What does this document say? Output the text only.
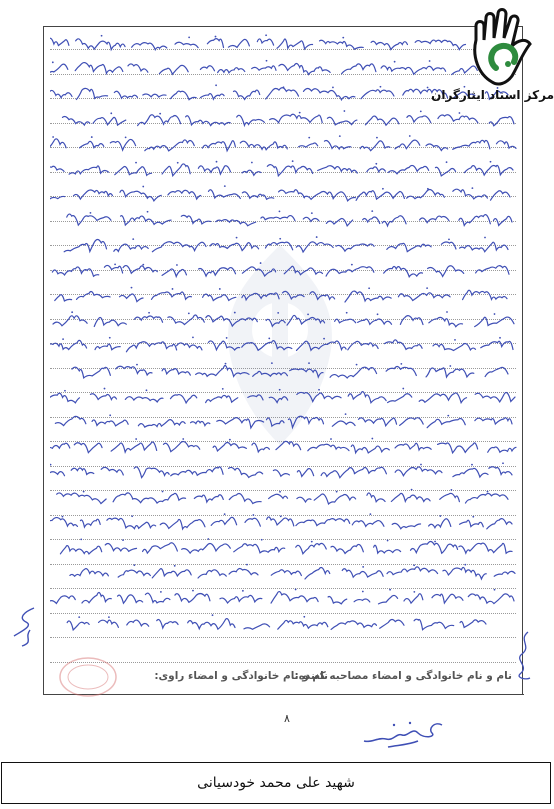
مرکز اسناد ایثارگران
نام و نام خانوادگی و امضاء مصاحبه کننده:
نام و نام خانوادگی و امضاء راوی:
۸
شهید علی محمد خودسیانی
